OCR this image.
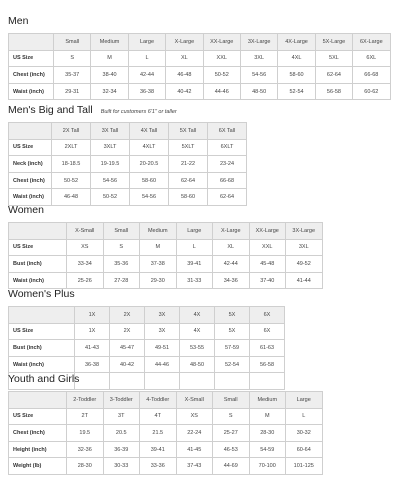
Men
	Small	Medium	Large	X-Large	XX-Large	3X-Large	4X-Large	5X-Large	6X-Large
US Size	S	M	L	XL	XXL	3XL	4XL	5XL	6XL
Chest (inch)	35-37	38-40	42-44	46-48	50-52	54-56	58-60	62-64	66-68
Waist (inch)	29-31	32-34	36-38	40-42	44-46	48-50	52-54	56-58	60-62
Men's Big and Tall Built for customers 6'1" or taller
	2X Tall	3X Tall	4X Tall	5X Tall	6X Tall
US Size	2XLT	3XLT	4XLT	5XLT	6XLT
Neck (inch)	18-18.5	19-19.5	20-20.5	21-22	23-24
Chest (inch)	50-52	54-56	58-60	62-64	66-68
Waist (inch)	46-48	50-52	54-56	58-60	62-64
Women
	X-Small	Small	Medium	Large	X-Large	XX-Large	3X-Large
US Size	XS	S	M	L	XL	XXL	3XL
Bust (inch)	33-34	35-36	37-38	39-41	42-44	45-48	49-52
Waist (inch)	25-26	27-28	29-30	31-33	34-36	37-40	41-44
Women's Plus
	1X	2X	3X	4X	5X	6X
US Size	1X	2X	3X	4X	5X	6X
Bust (inch)	41-43	45-47	49-51	53-55	57-59	61-63
Waist (inch)	36-38	40-42	44-46	48-50	52-54	56-58

Youth and Girls
	2-Toddler	3-Toddler	4-Toddler	X-Small	Small	Medium	Large
US Size	2T	3T	4T	XS	S	M	L
Chest (inch)	19.5	20.5	21.5	22-24	25-27	28-30	30-32
Height (inch)	32-36	36-39	39-41	41-45	46-53	54-59	60-64
Weight (lb)	28-30	30-33	33-36	37-43	44-69	70-100	101-125
